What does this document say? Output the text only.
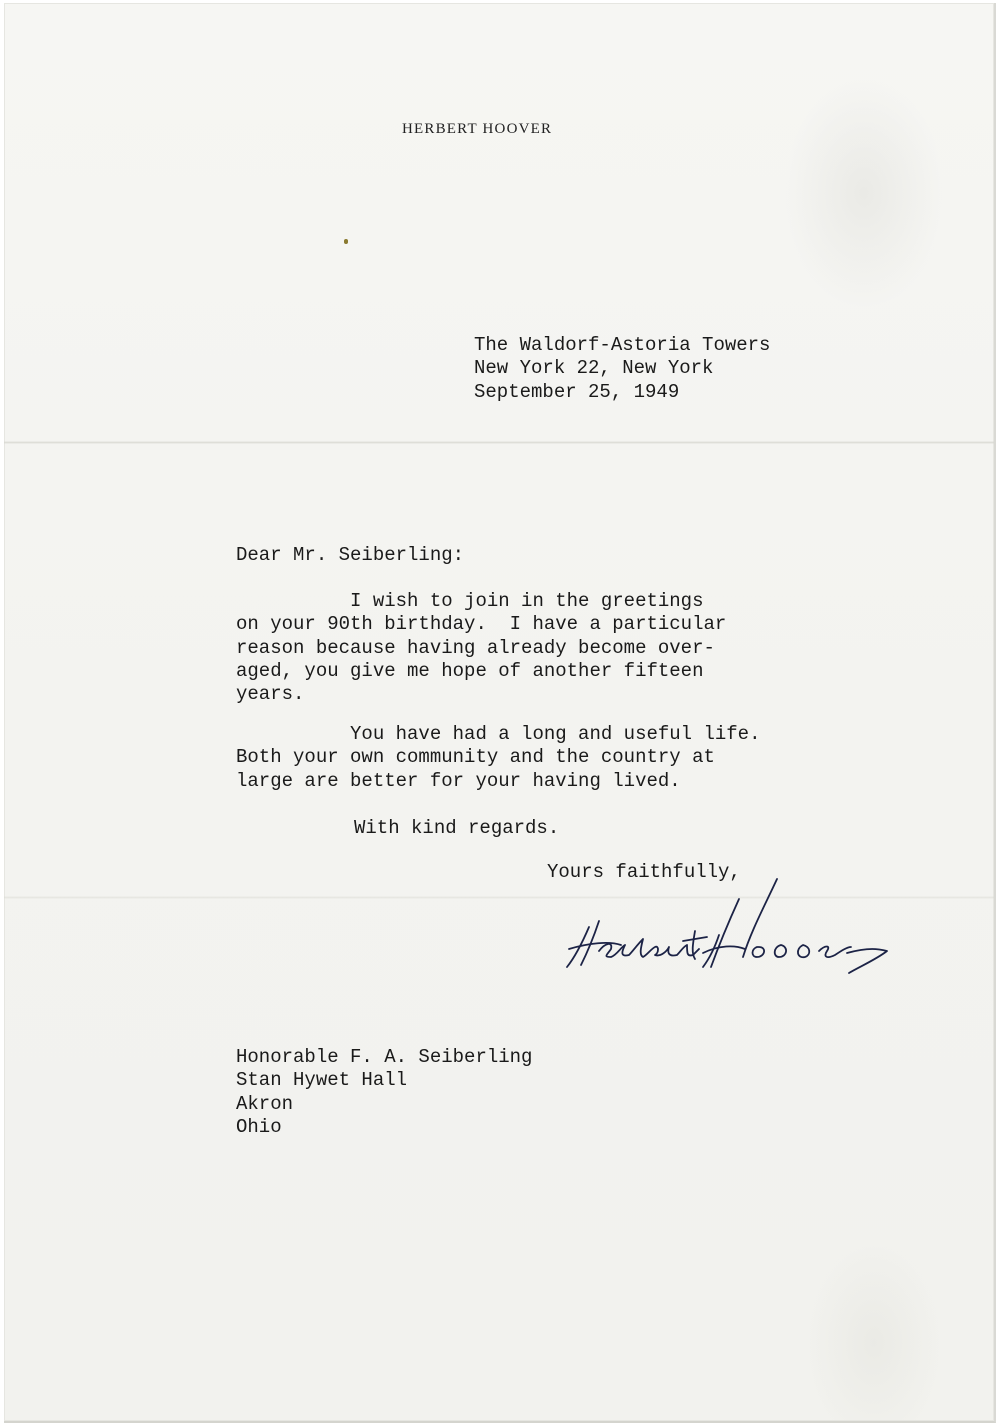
HERBERT HOOVER
The Waldorf-Astoria Towers
New York 22, New York
September 25, 1949
Dear Mr. Seiberling:
I wish to join in the greetings
on your 90th birthday.  I have a particular
reason because having already become over-
aged, you give me hope of another fifteen
years.
You have had a long and useful life.
Both your own community and the country at
large are better for your having lived.
With kind regards.
Yours faithfully,
Honorable F. A. Seiberling
Stan Hywet Hall
Akron
Ohio
